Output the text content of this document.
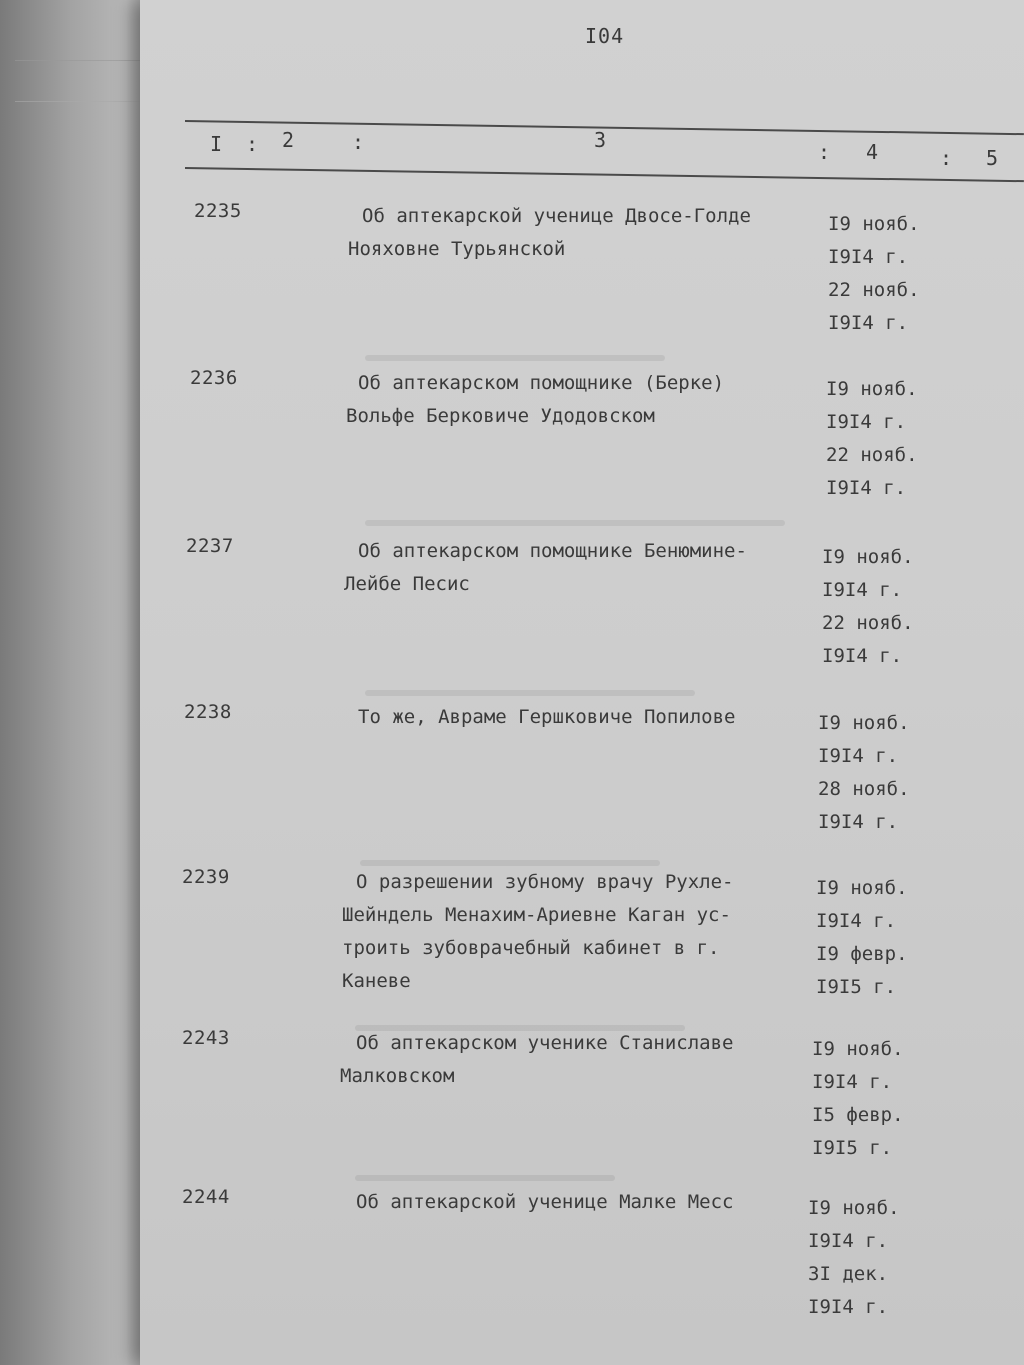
I04
I : 2	:	3	: 4	: 5
2235	Об аптекарской ученице Двосе-Голде
Нояховне Турьянской
I9 нояб.
I9I4 г.
22 нояб.
I9I4 г.
2236	Об аптекарском помощнике (Берке)
Вольфе Берковиче Удодовском
I9 нояб.
I9I4 г.
22 нояб.
I9I4 г.
2237	Об аптекарском помощнике Бенюмине-
Лейбе Песис
I9 нояб.
I9I4 г.
22 нояб.
I9I4 г.
2238	То же, Авраме Гершковиче Попилове	I9 нояб.
I9I4 г.
28 нояб.
I9I4 г.
2239	О разрешении зубному врачу Рухле-
Шейндель Менахим-Ариевне Каган ус-
троить зубоврачебный кабинет в г.
Каневе
I9 нояб.
I9I4 г.
I9 февр.
I9I5 г.
2243	Об аптекарском ученике Станиславе
Малковском
I9 нояб.
I9I4 г.
I5 февр.
I9I5 г.
2244	Об аптекарской ученице Малке Месс	I9 нояб.
I9I4 г.
3I дек.
I9I4 г.
